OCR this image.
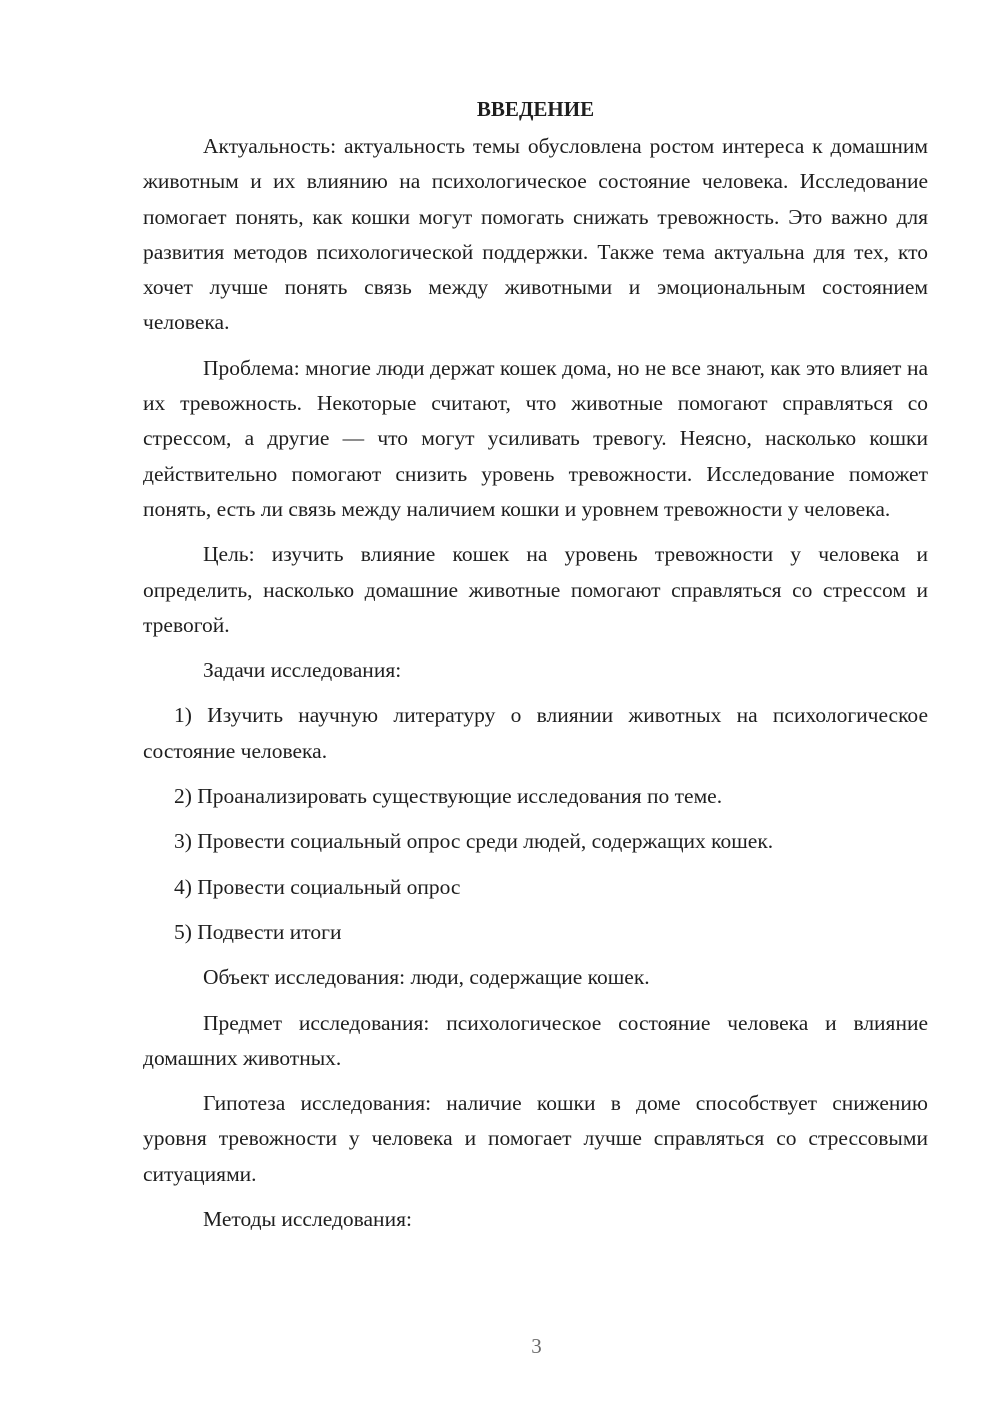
ВВЕДЕНИЕ

Актуальность: актуальность темы обусловлена ростом интереса к домашним животным и их влиянию на психологическое состояние человека. Исследование помогает понять, как кошки могут помогать снижать тревожность. Это важно для развития методов психологической поддержки. Также тема актуальна для тех, кто хочет лучше понять связь между животными и эмоциональным состоянием человека.

Проблема: многие люди держат кошек дома, но не все знают, как это влияет на их тревожность. Некоторые считают, что животные помогают справляться со стрессом, а другие — что могут усиливать тревогу. Неясно, насколько кошки действительно помогают снизить уровень тревожности. Исследование поможет понять, есть ли связь между наличием кошки и уровнем тревожности у человека.

Цель: изучить влияние кошек на уровень тревожности у человека и определить, насколько домашние животные помогают справляться со стрессом и тревогой.

Задачи исследования:

1) Изучить научную литературу о влиянии животных на психологическое состояние человека.

2) Проанализировать существующие исследования по теме.

3) Провести социальный опрос среди людей, содержащих кошек.

4) Провести социальный опрос

5) Подвести итоги

Объект исследования: люди, содержащие кошек.

Предмет исследования: психологическое состояние человека и влияние домашних животных.

Гипотеза исследования: наличие кошки в доме способствует снижению уровня тревожности у человека и помогает лучше справляться со стрессовыми ситуациями.

Методы исследования:

3
